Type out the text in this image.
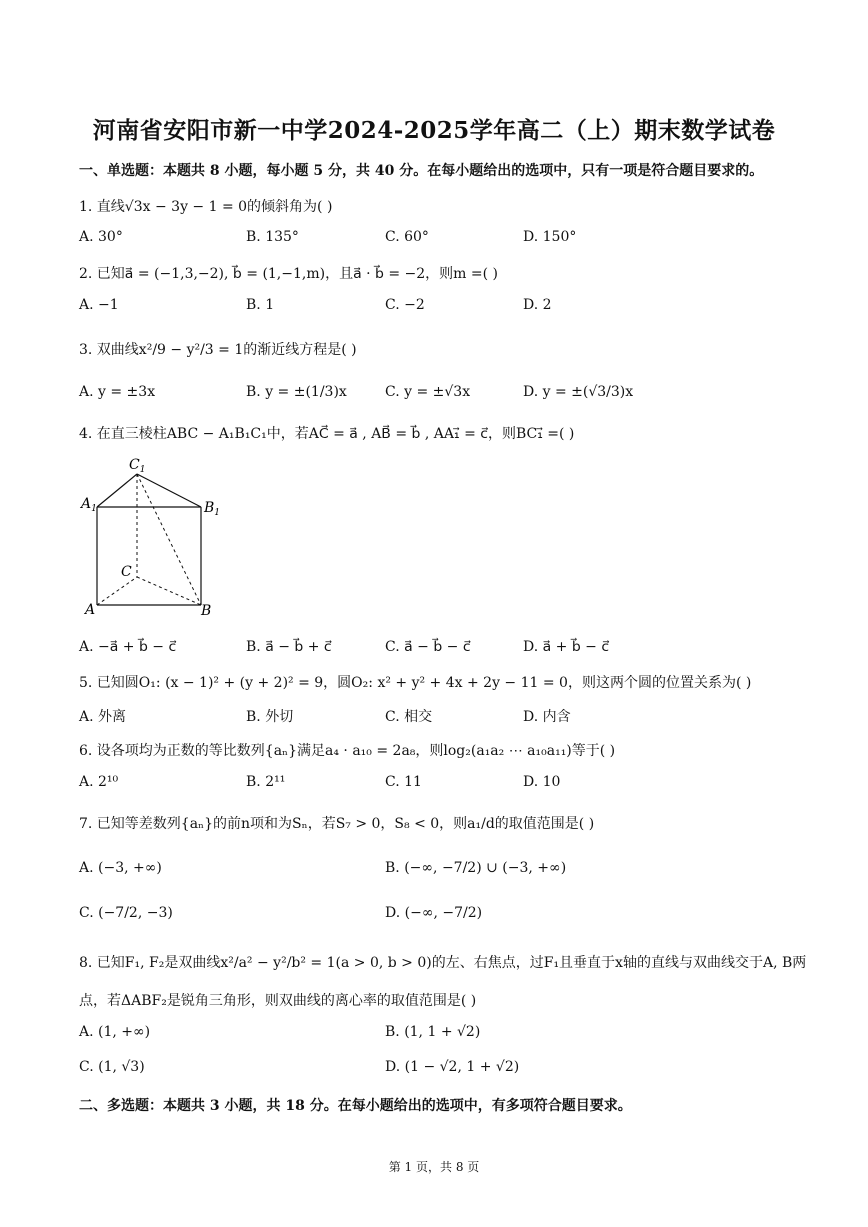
河南省安阳市新一中学2024-2025学年高二（上）期末数学试卷
一、单选题：本题共 8 小题，每小题 5 分，共 40 分。在每小题给出的选项中，只有一项是符合题目要求的。
1. 直线√3x − 3y − 1 = 0的倾斜角为( )
A. 30°	B. 135°	C. 60°	D. 150°
2. 已知a⃗ = (−1,3,−2), b⃗ = (1,−1,m)，且a⃗ · b⃗ = −2，则m =( )
A. −1	B. 1	C. −2	D. 2
3. 双曲线x²/9 − y²/3 = 1的渐近线方程是( )
A. y = ±3x	B. y = ±(1/3)x	C. y = ±√3x	D. y = ±(√3/3)x
4. 在直三棱柱ABC − A₁B₁C₁中，若AC⃗ = a⃗ , AB⃗ = b⃗ , AA₁⃗ = c⃗，则BC₁⃗ =( )
$C_1$
$A_1$	$B_1$
C
A	B
A. −a⃗ + b⃗ − c⃗	B. a⃗ − b⃗ + c⃗	C. a⃗ − b⃗ − c⃗	D. a⃗ + b⃗ − c⃗
5. 已知圆O₁: (x − 1)² + (y + 2)² = 9，圆O₂: x² + y² + 4x + 2y − 11 = 0，则这两个圆的位置关系为( )
A. 外离	B. 外切	C. 相交	D. 内含
6. 设各项均为正数的等比数列{aₙ}满足a₄ · a₁₀ = 2a₈，则log₂(a₁a₂ ⋯ a₁₀a₁₁)等于( )
A. 2¹⁰	B. 2¹¹	C. 11	D. 10
7. 已知等差数列{aₙ}的前n项和为Sₙ，若S₇ > 0，S₈ < 0，则a₁/d的取值范围是( )
A. (−3, +∞)	B. (−∞, −7/2) ∪ (−3, +∞)
C. (−7/2, −3)	D. (−∞, −7/2)
8. 已知F₁, F₂是双曲线x²/a² − y²/b² = 1(a > 0, b > 0)的左、右焦点，过F₁且垂直于x轴的直线与双曲线交于A, B两
点，若ΔABF₂是锐角三角形，则双曲线的离心率的取值范围是( )
A. (1, +∞)	B. (1, 1 + √2)
C. (1, √3)	D. (1 − √2, 1 + √2)
二、多选题：本题共 3 小题，共 18 分。在每小题给出的选项中，有多项符合题目要求。
第 1 页，共 8 页
